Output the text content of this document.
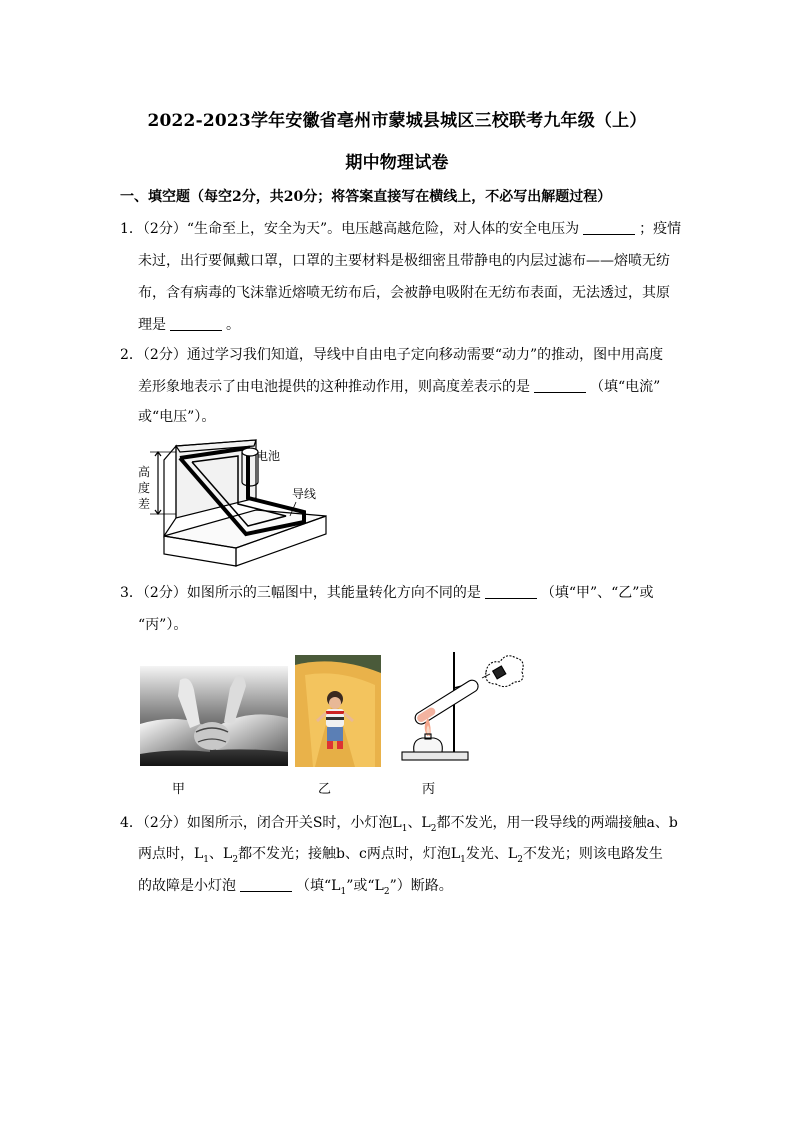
2022-2023学年安徽省亳州市蒙城县城区三校联考九年级（上）
期中物理试卷
一、填空题（每空2分，共20分；将答案直接写在横线上，不必写出解题过程）
1．（2分）“生命至上，安全为天”。电压越高越危险，对人体的安全电压为	；疫情
未过，出行要佩戴口罩，口罩的主要材料是极细密且带静电的内层过滤布——熔喷无纺
布，含有病毒的飞沫靠近熔喷无纺布后，会被静电吸附在无纺布表面，无法透过，其原
理是	。
2．（2分）通过学习我们知道，导线中自由电子定向移动需要“动力”的推动，图中用高度
差形象地表示了由电池提供的这种推动作用，则高度差表示的是	（填“电流”
或“电压”）。
电池
导线
高
度
差
3．（2分）如图所示的三幅图中，其能量转化方向不同的是	（填“甲”、“乙”或
“丙”）。
甲	乙	丙
4．（2分）如图所示，闭合开关S时，小灯泡$L_1$、$L_2$都不发光，用一段导线的两端接触a、b
两点时，$L_1$、$L_2$都不发光；接触b、c两点时，灯泡$L_1$发光、$L_2$不发光；则该电路发生
的故障是小灯泡	（填“$L_1$”或“$L_2$”）断路。
